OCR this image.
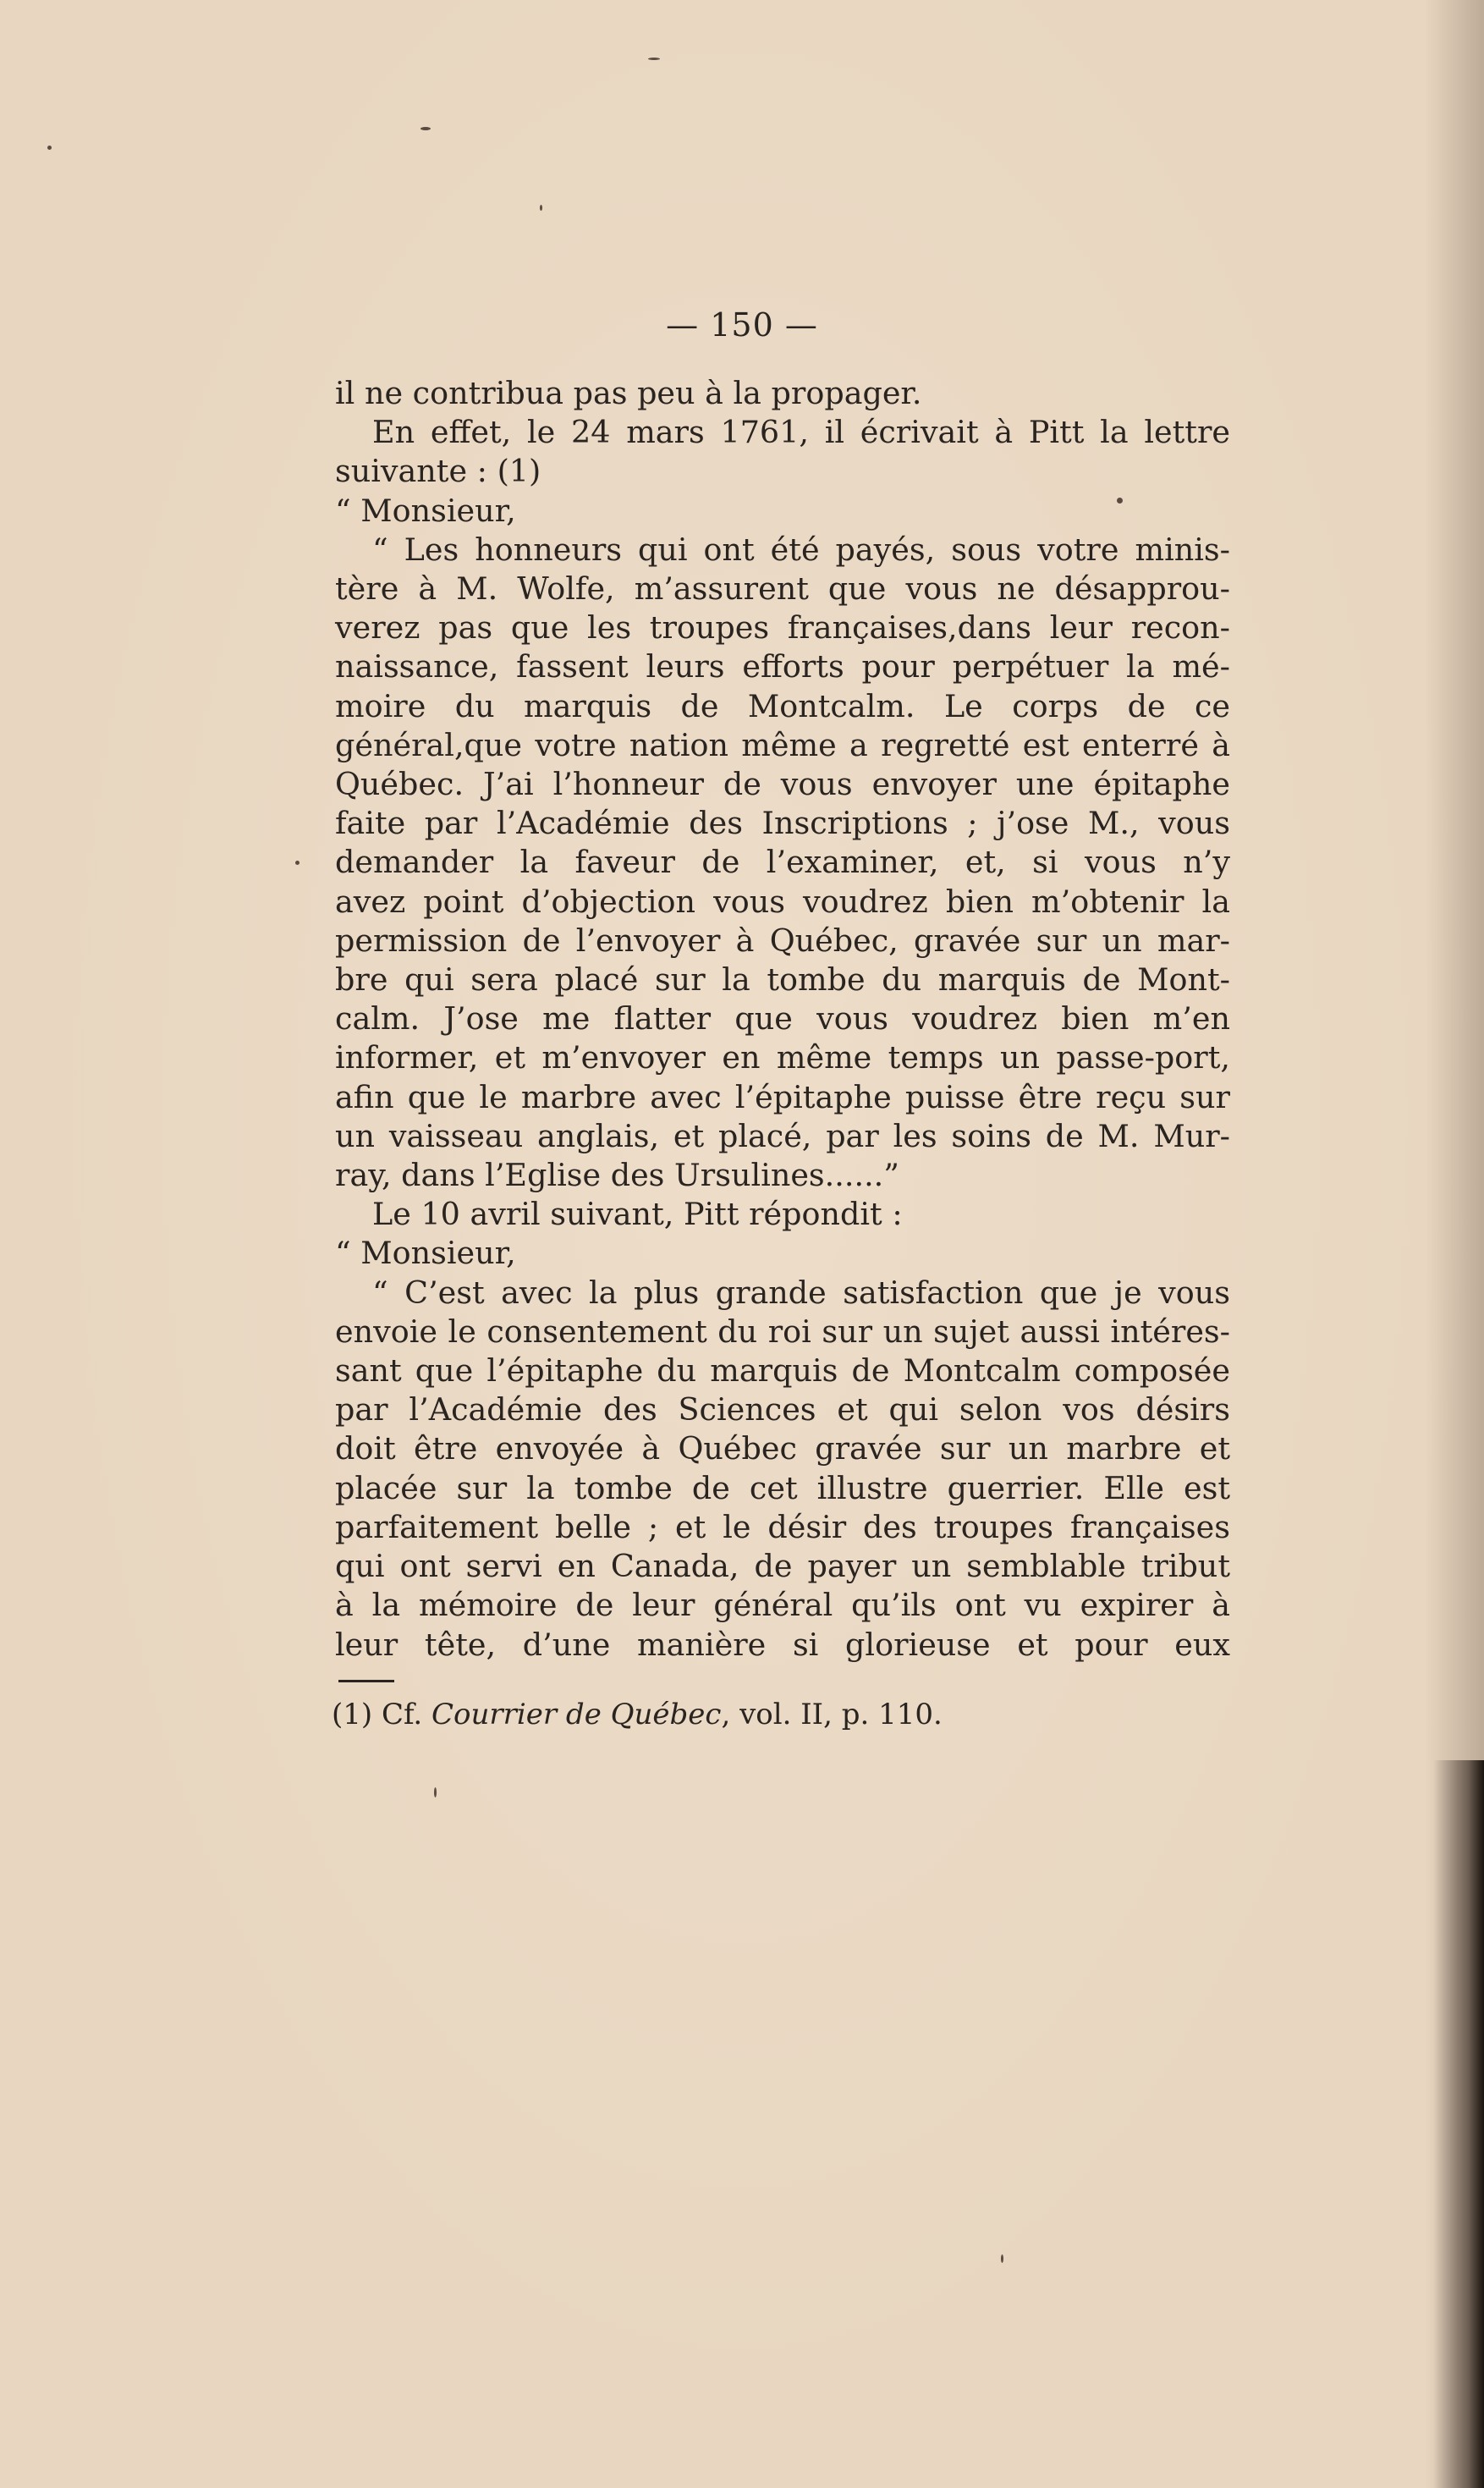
— 150 —
il ne contribua pas peu à la propager.
En effet, le 24 mars 1761, il écrivait à Pitt la lettre
suivante : (1)
“ Monsieur,
“ Les honneurs qui ont été payés, sous votre minis-
tère à M. Wolfe, m’assurent que vous ne désapprou-
verez pas que les troupes françaises,dans leur recon-
naissance, fassent leurs efforts pour perpétuer la mé-
moire du marquis de Montcalm. Le corps de ce
général,que votre nation même a regretté est enterré à
Québec. J’ai l’honneur de vous envoyer une épitaphe
faite par l’Académie des Inscriptions ; j’ose M., vous
demander la faveur de l’examiner, et, si vous n’y
avez point d’objection vous voudrez bien m’obtenir la
permission de l’envoyer à Québec, gravée sur un mar-
bre qui sera placé sur la tombe du marquis de Mont-
calm. J’ose me flatter que vous voudrez bien m’en
informer, et m’envoyer en même temps un passe-port,
afin que le marbre avec l’épitaphe puisse être reçu sur
un vaisseau anglais, et placé, par les soins de M. Mur-
ray, dans l’Eglise des Ursulines......”
Le 10 avril suivant, Pitt répondit :
“ Monsieur,
“ C’est avec la plus grande satisfaction que je vous
envoie le consentement du roi sur un sujet aussi intéres-
sant que l’épitaphe du marquis de Montcalm composée
par l’Académie des Sciences et qui selon vos désirs
doit être envoyée à Québec gravée sur un marbre et
placée sur la tombe de cet illustre guerrier. Elle est
parfaitement belle ; et le désir des troupes françaises
qui ont servi en Canada, de payer un semblable tribut
à la mémoire de leur général qu’ils ont vu expirer à
leur tête, d’une manière si glorieuse et pour eux
(1) Cf. Courrier de Québec, vol. II, p. 110.
